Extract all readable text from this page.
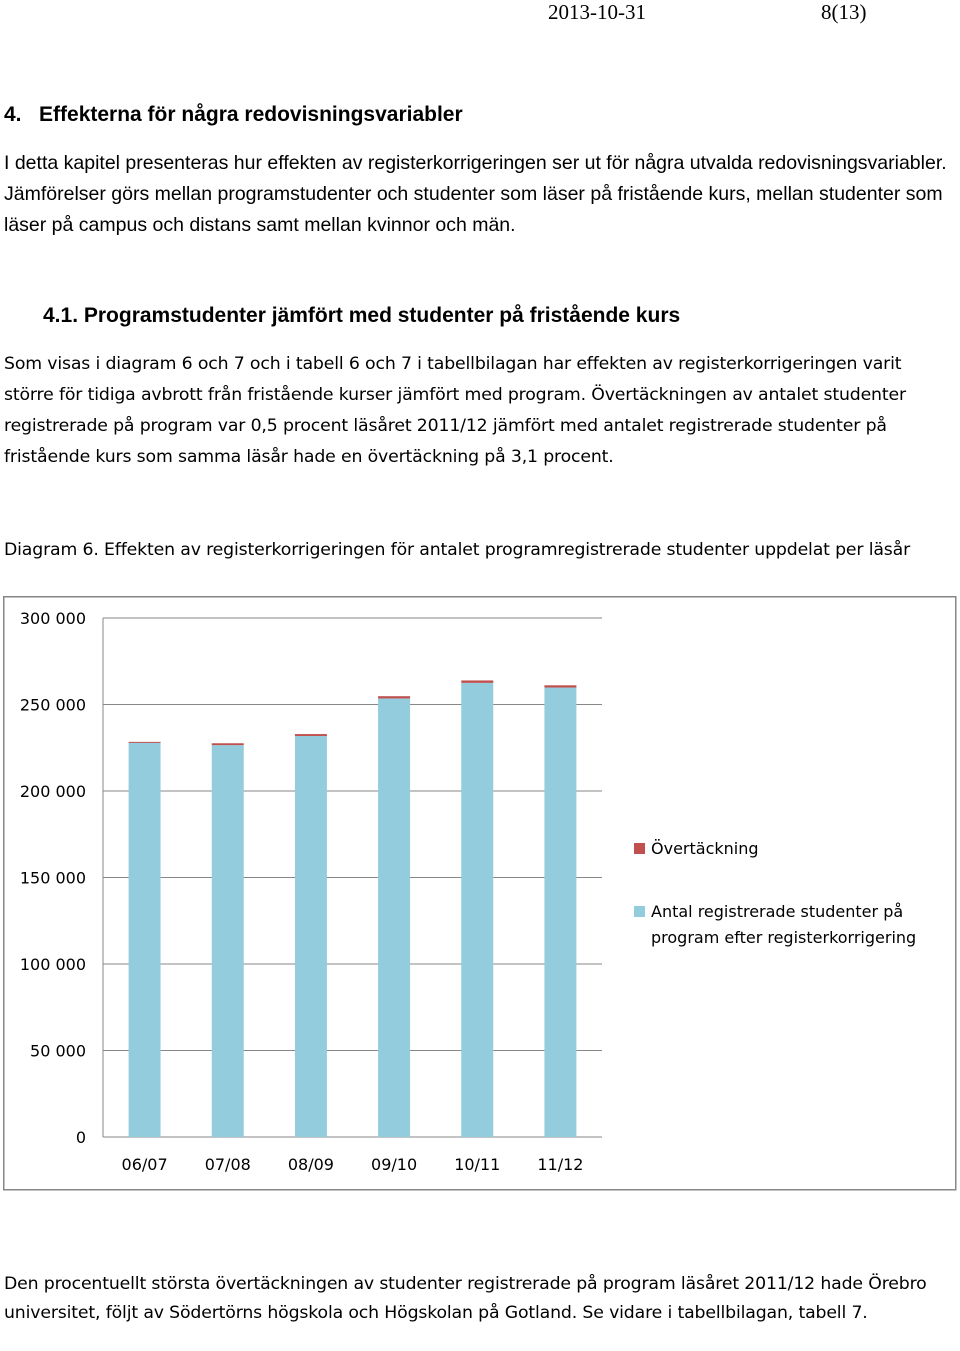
2013-10-31	8(13)
4.   Effekterna för några redovisningsvariabler

I detta kapitel presenteras hur effekten av registerkorrigeringen ser ut för några utvalda redovisningsvariabler. Jämförelser görs mellan programstudenter och studenter som läser på fristående kurs, mellan studenter som läser på campus och distans samt mellan kvinnor och män.

4.1. Programstudenter jämfört med studenter på fristående kurs

Som visas i diagram 6 och 7 och i tabell 6 och 7 i tabellbilagan har effekten av registerkorrigeringen varit större för tidiga avbrott från fristående kurser jämfört med program. Övertäckningen av antalet studenter registrerade på program var 0,5 procent läsåret 2011/12 jämfört med antalet registrerade studenter på fristående kurs som samma läsår hade en övertäckning på 3,1 procent.

Diagram 6. Effekten av registerkorrigeringen för antalet programregistrerade studenter uppdelat per läsår

0
50 000
100 000
150 000
200 000
250 000
300 000
06/07 07/08 08/09 09/10 10/11 11/12
Övertäckning
Antal registrerade studenter på
program efter registerkorrigering

Den procentuellt största övertäckningen av studenter registrerade på program läsåret 2011/12 hade Örebro universitet, följt av Södertörns högskola och Högskolan på Gotland. Se vidare i tabellbilagan, tabell 7.
